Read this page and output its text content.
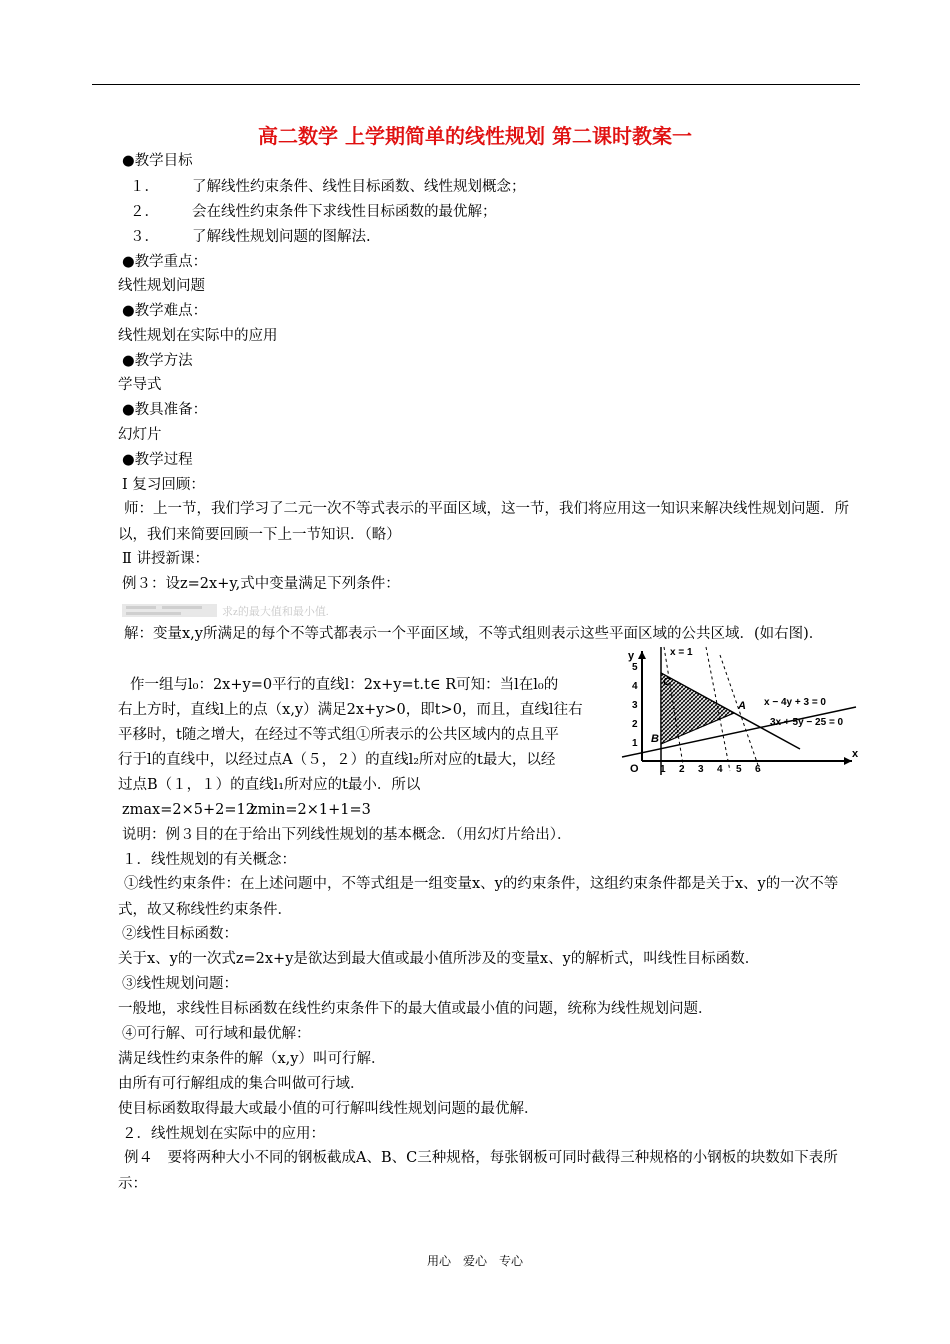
高二数学 上学期简单的线性规划 第二课时教案一
●教学目标
１． 了解线性约束条件、线性目标函数、线性规划概念；
２． 会在线性约束条件下求线性目标函数的最优解；
３． 了解线性规划问题的图解法.
●教学重点：
线性规划问题
●教学难点：
线性规划在实际中的应用
●教学方法
学导式
●教具准备：
幻灯片
●教学过程
Ⅰ 复习回顾：
师：上一节，我们学习了二元一次不等式表示的平面区域，这一节，我们将应用这一知识来解决线性规划问题．所以，我们来简要回顾一下上一节知识．（略）
Ⅱ 讲授新课：
例３：设z=2x+y,式中变量满足下列条件：
求z的最大值和最小值.
解：变量x,y所满足的每个不等式都表示一个平面区域，不等式组则表示这些平面区域的公共区域．(如右图)．
作一组与l₀：2x+y=0平行的直线l：2x+y=t.t∈ R可知：当l在l₀的
右上方时，直线l上的点（x,y）满足2x+y>0，即t>0，而且，直线l往右
平移时，t随之增大，在经过不等式组①所表示的公共区域内的点且平
行于l的直线中，以经过点A（５，２）的直线l₂所对应的t最大，以经
过点B（１，１）的直线l₁所对应的t最小．所以
x
y
O
x = 1
A
B
C
x − 4y + 3 = 0
3x + 5y − 25 = 0
1 2 3 4 5 6
1
2
3
4
5
zmax=2×5+2=12
zmin=2×1+1=3
说明：例３目的在于给出下列线性规划的基本概念．（用幻灯片给出）．
１．线性规划的有关概念：
①线性约束条件：在上述问题中，不等式组是一组变量x、y的约束条件，这组约束条件都是关于x、y的一次不等式，故又称线性约束条件．
②线性目标函数：
关于x、y的一次式z=2x+y是欲达到最大值或最小值所涉及的变量x、y的解析式，叫线性目标函数．
③线性规划问题：
一般地，求线性目标函数在线性约束条件下的最大值或最小值的问题，统称为线性规划问题．
④可行解、可行域和最优解：
满足线性约束条件的解（x,y）叫可行解．
由所有可行解组成的集合叫做可行域．
使目标函数取得最大或最小值的可行解叫线性规划问题的最优解．
２．线性规划在实际中的应用：
例４　要将两种大小不同的钢板截成A、B、C三种规格，每张钢板可同时截得三种规格的小钢板的块数如下表所示：
用心　爱心　专心
